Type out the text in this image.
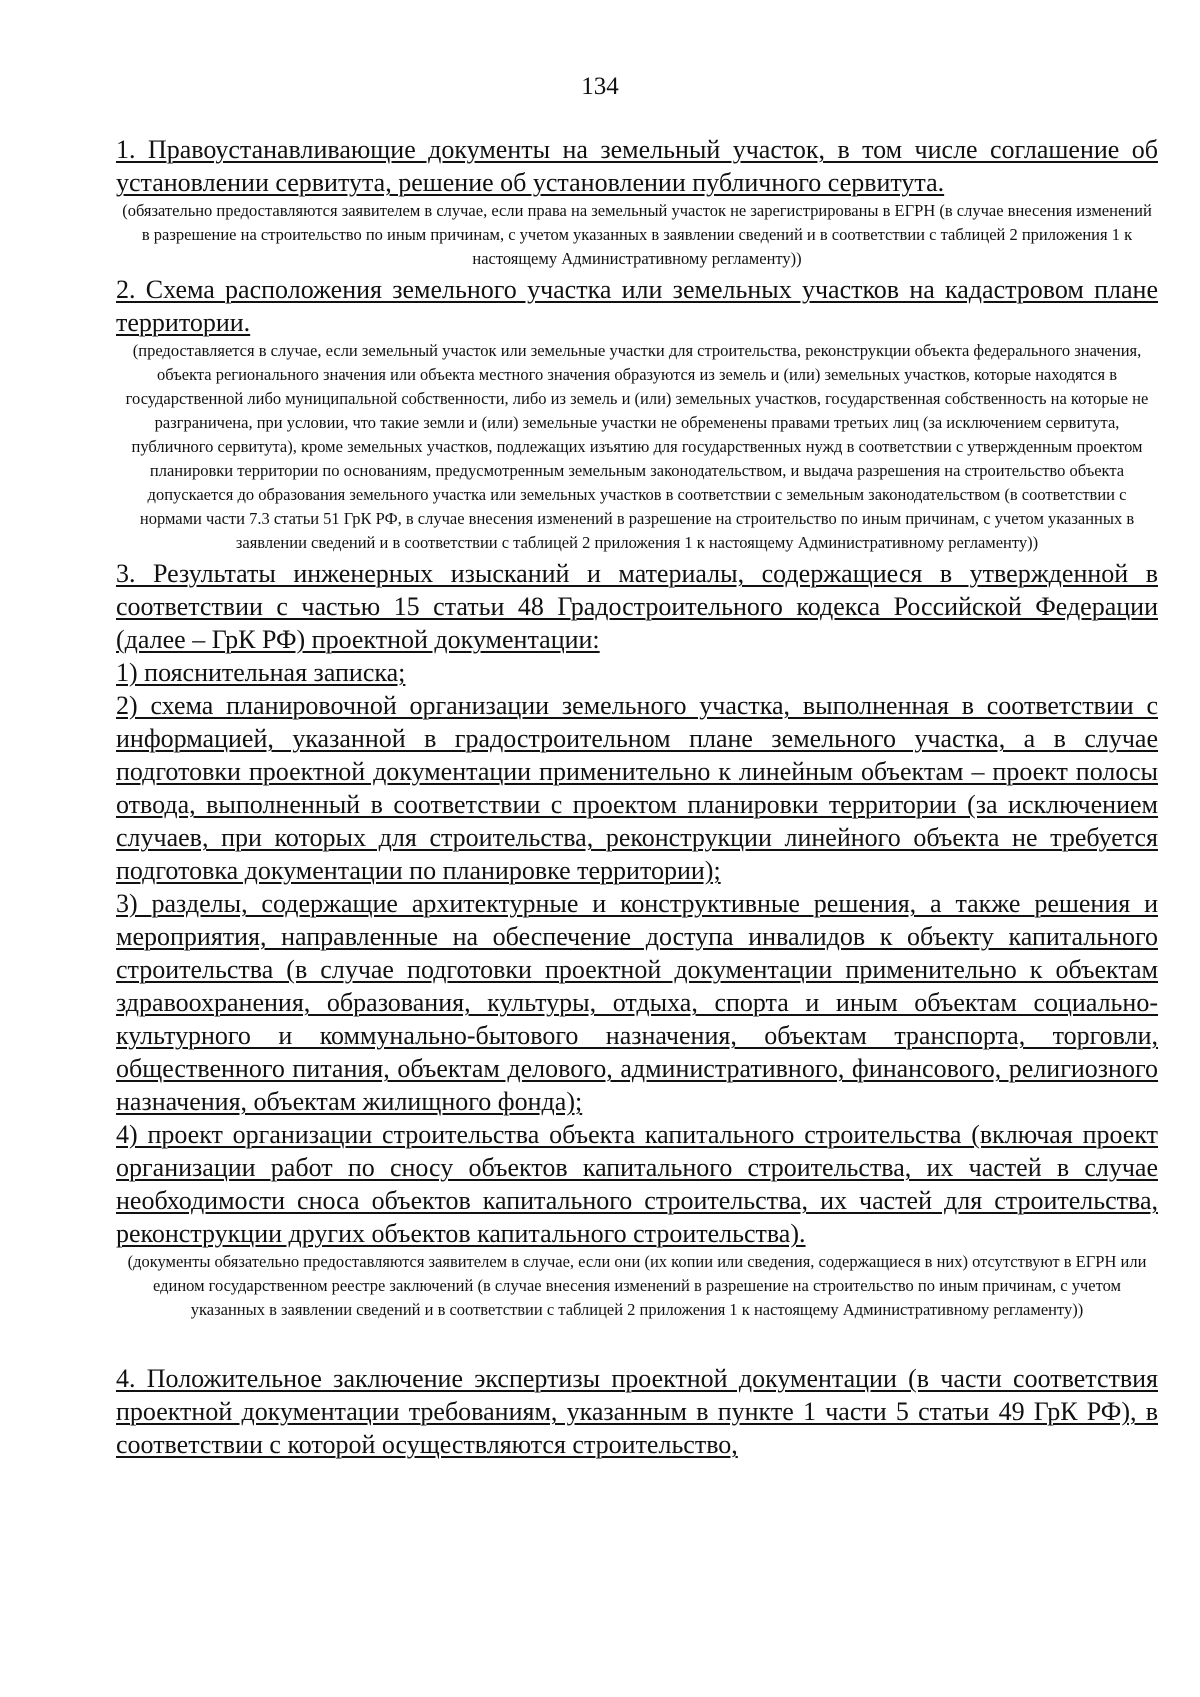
134

1. Правоустанавливающие документы на земельный участок, в том числе соглашение об установлении сервитута, решение об установлении публичного сервитута.

(обязательно предоставляются заявителем в случае, если права на земельный участок не зарегистрированы в ЕГРН (в случае внесения изменений в разрешение на строительство по иным причинам, с учетом указанных в заявлении сведений и в соответствии с таблицей 2 приложения 1 к настоящему Административному регламенту))

2. Схема расположения земельного участка или земельных участков на кадастровом плане территории.

(предоставляется в случае, если земельный участок или земельные участки для строительства, реконструкции объекта федерального значения, объекта регионального значения или объекта местного значения образуются из земель и (или) земельных участков, которые находятся в государственной либо муниципальной собственности, либо из земель и (или) земельных участков, государственная собственность на которые не разграничена, при условии, что такие земли и (или) земельные участки не обременены правами третьих лиц (за исключением сервитута, публичного сервитута), кроме земельных участков, подлежащих изъятию для государственных нужд в соответствии с утвержденным проектом планировки территории по основаниям, предусмотренным земельным законодательством, и выдача разрешения на строительство объекта допускается до образования земельного участка или земельных участков в соответствии с земельным законодательством (в соответствии с нормами части 7.3 статьи 51 ГрК РФ, в случае внесения изменений в разрешение на строительство по иным причинам, с учетом указанных в заявлении сведений и в соответствии с таблицей 2 приложения 1 к настоящему Административному регламенту))

3. Результаты инженерных изысканий и материалы, содержащиеся в утвержденной в соответствии с частью 15 статьи 48 Градостроительного кодекса Российской Федерации (далее – ГрК РФ) проектной документации:

1) пояснительная записка;

2) схема планировочной организации земельного участка, выполненная в соответствии с информацией, указанной в градостроительном плане земельного участка, а в случае подготовки проектной документации применительно к линейным объектам – проект полосы отвода, выполненный в соответствии с проектом планировки территории (за исключением случаев, при которых для строительства, реконструкции линейного объекта не требуется подготовка документации по планировке территории);

3) разделы, содержащие архитектурные и конструктивные решения, а также решения и мероприятия, направленные на обеспечение доступа инвалидов к объекту капитального строительства (в случае подготовки проектной документации применительно к объектам здравоохранения, образования, культуры, отдыха, спорта и иным объектам социально-культурного и коммунально-бытового назначения, объектам транспорта, торговли, общественного питания, объектам делового, административного, финансового, религиозного назначения, объектам жилищного фонда);

4) проект организации строительства объекта капитального строительства (включая проект организации работ по сносу объектов капитального строительства, их частей в случае необходимости сноса объектов капитального строительства, их частей для строительства, реконструкции других объектов капитального строительства).

(документы обязательно предоставляются заявителем в случае, если они (их копии или сведения, содержащиеся в них) отсутствуют в ЕГРН или едином государственном реестре заключений (в случае внесения изменений в разрешение на строительство по иным причинам, с учетом указанных в заявлении сведений и в соответствии с таблицей 2 приложения 1 к настоящему Административному регламенту))

4. Положительное заключение экспертизы проектной документации (в части соответствия проектной документации требованиям, указанным в пункте 1 части 5 статьи 49 ГрК РФ), в соответствии с которой осуществляются строительство,
